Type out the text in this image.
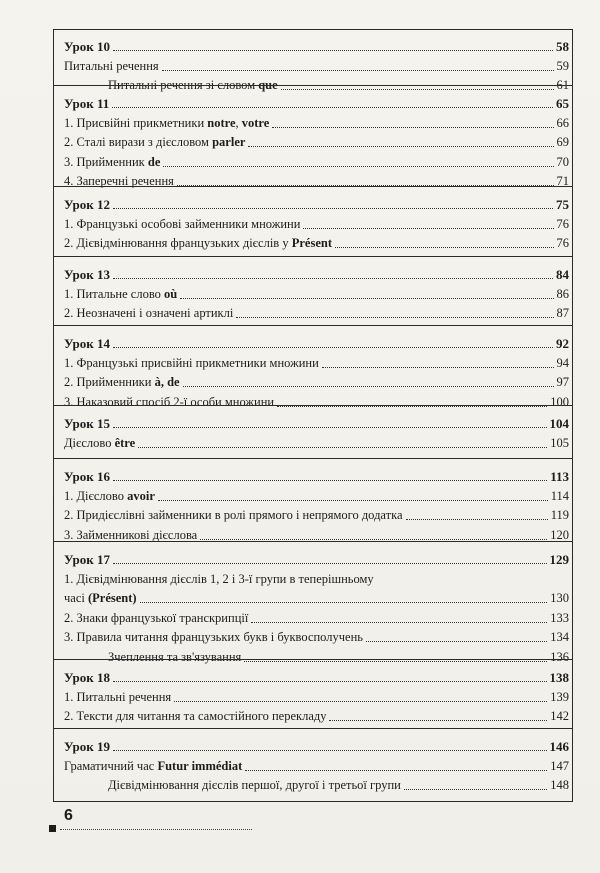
Урок 10	58
Питальні речення	59
Питальні речення зі словом que	61
Урок 11	65
1. Присвійні прикметники notre, votre	66
2. Сталі вирази з дієсловом parler	69
3. Прийменник de	70
4. Заперечні речення	71
Урок 12	75
1. Французькі особові займенники множини	76
2. Дієвідмінювання французьких дієслів у Présent	76
Урок 13	84
1. Питальне слово où	86
2. Неозначені і означені артиклі	87
Урок 14	92
1. Французькі присвійні прикметники множини	94
2. Прийменники à, de	97
3. Наказовий спосіб 2-ї особи множини	100
Урок 15	104
Дієслово être	105
Урок 16	113
1. Дієслово avoir	114
2. Придієслівні займенники в ролі прямого і непрямого додатка	119
3. Займенникові дієслова	120
Урок 17	129
1. Дієвідмінювання дієслів 1, 2 і 3-ї групи в теперішньому
часі (Présent)	130
2. Знаки французької транскрипції	133
3. Правила читання французьких букв і буквосполучень	134
Зчеплення та зв'язування	136
Урок 18	138
1. Питальні речення	139
2. Тексти для читання та самостійного перекладу	142
Урок 19	146
Граматичний час Futur immédiat	147
Дієвідмінювання дієслів першої, другої і третьої групи	148
6
